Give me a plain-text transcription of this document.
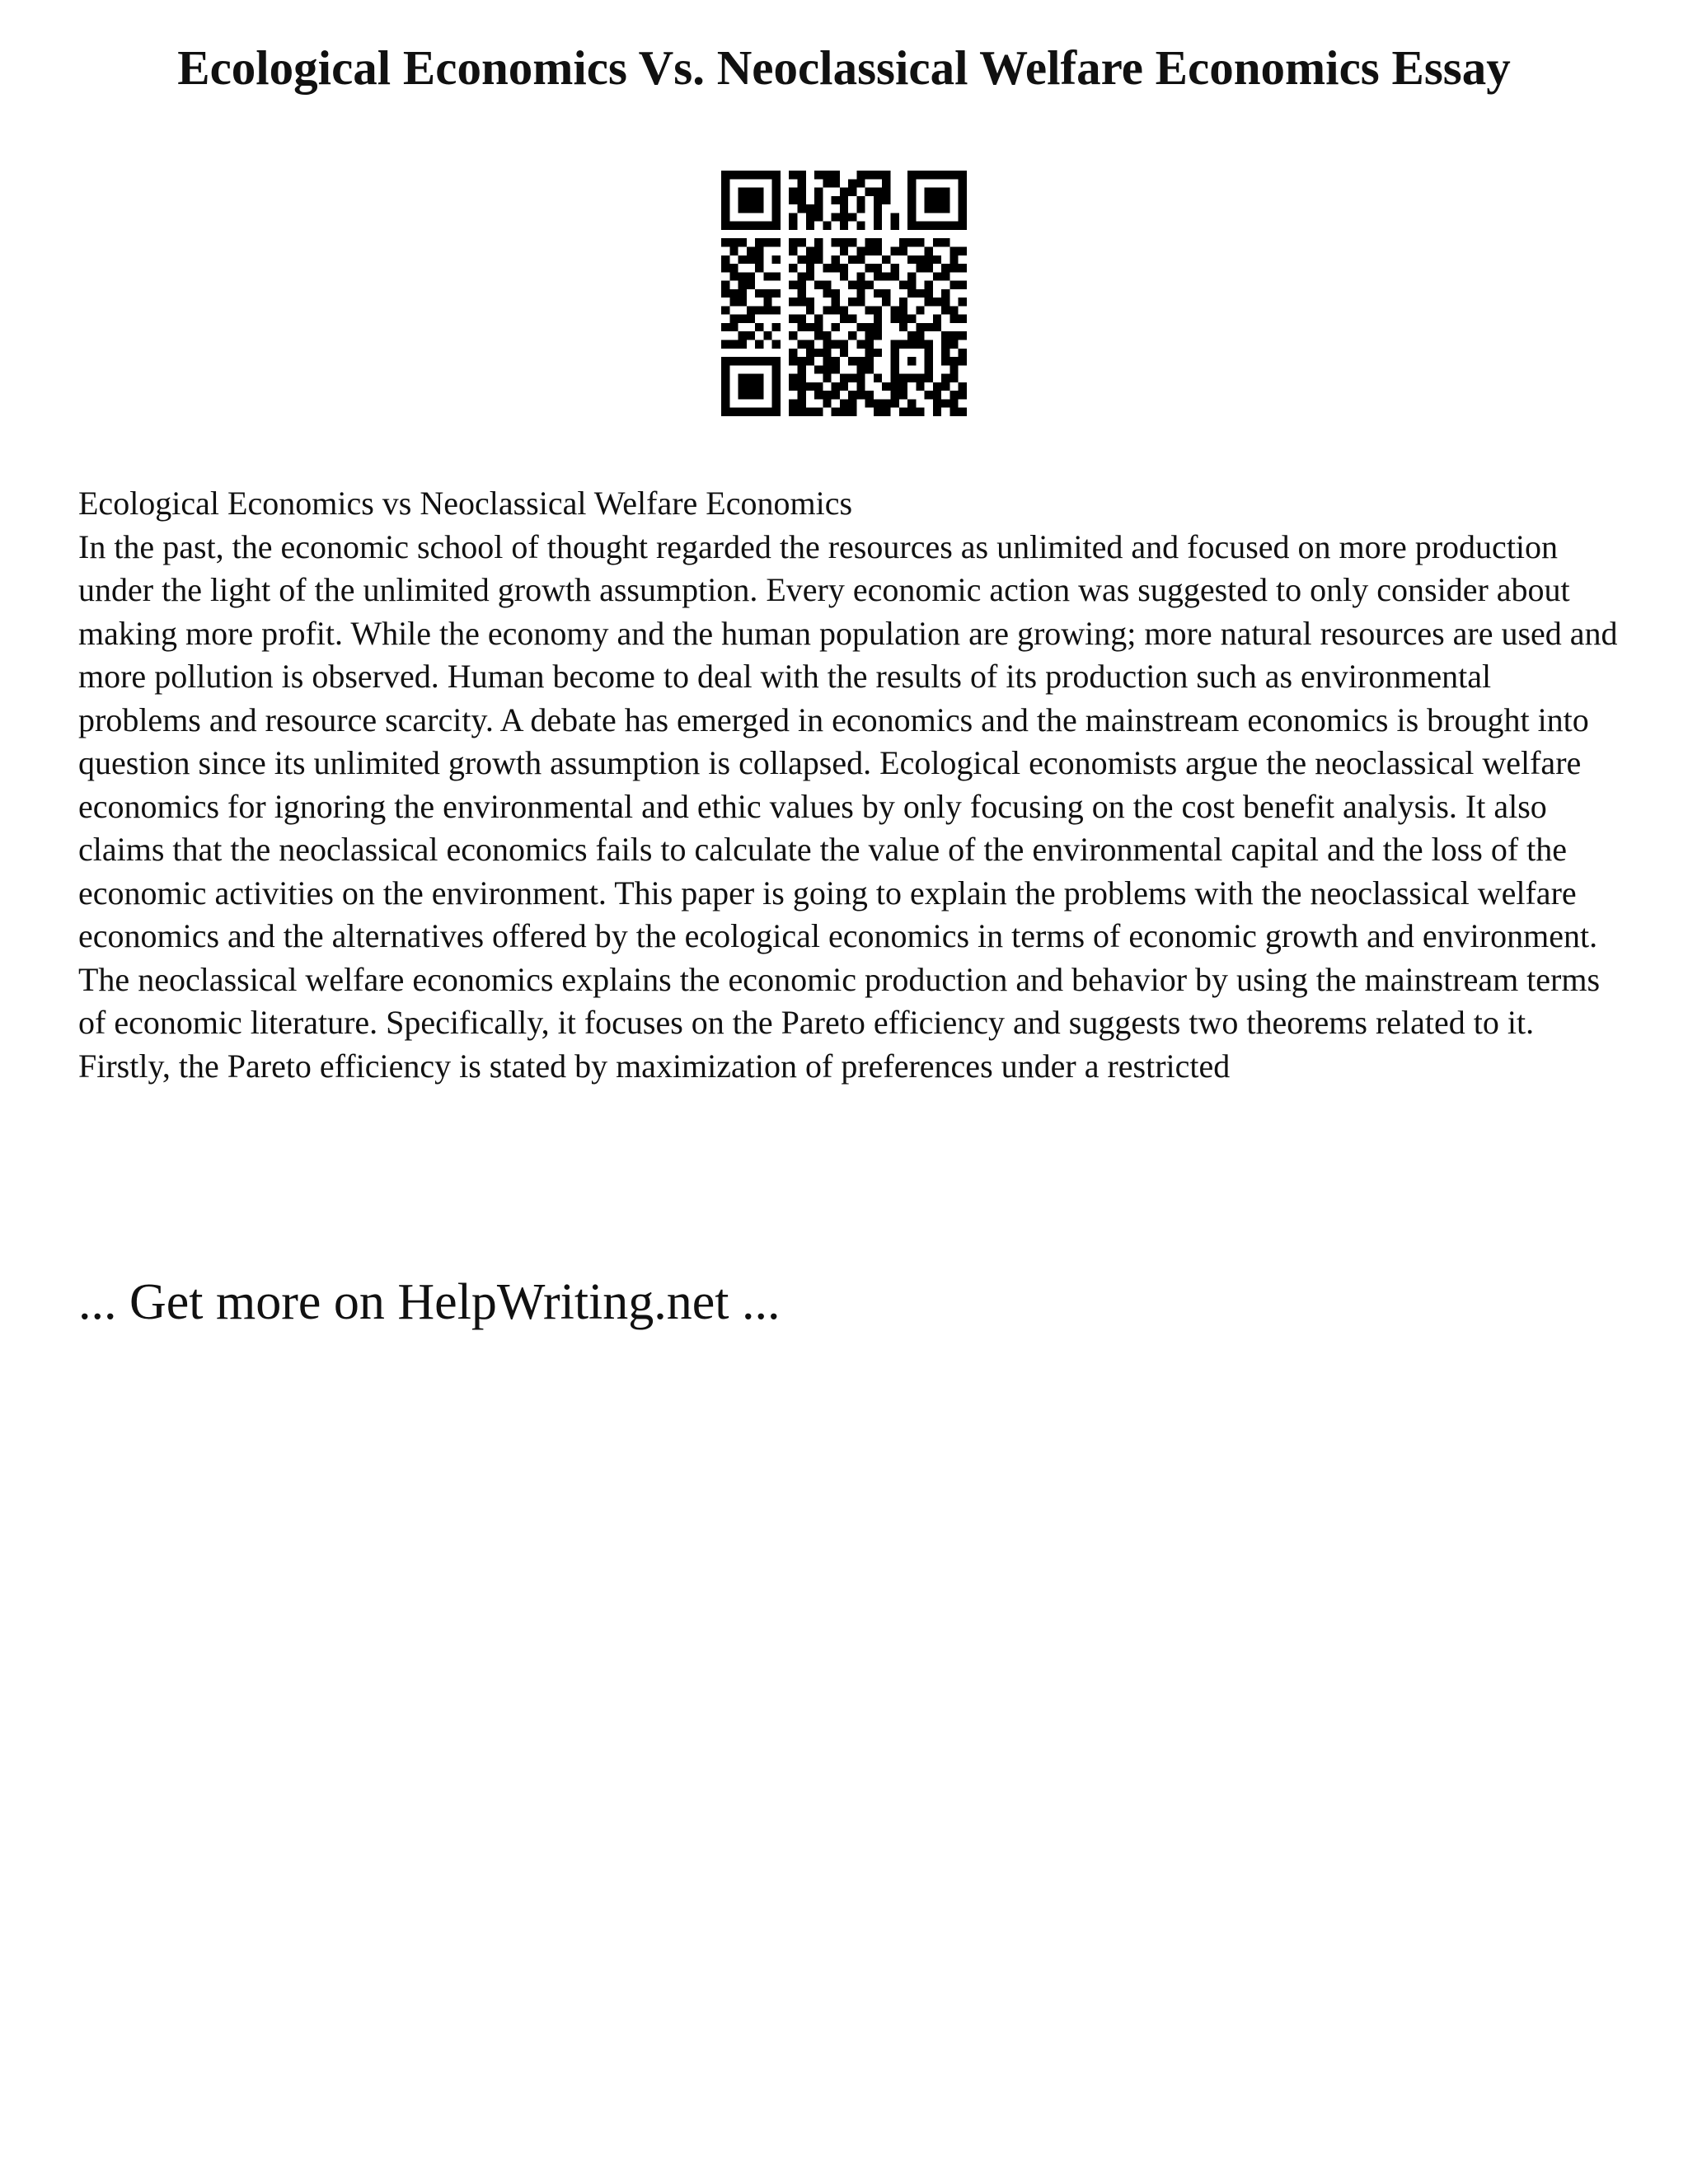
Ecological Economics Vs. Neoclassical Welfare Economics Essay

Ecological Economics vs Neoclassical Welfare Economics

In the past, the economic school of thought regarded the resources as unlimited and focused on more production under the light of the unlimited growth assumption. Every economic action was suggested to only consider about making more profit. While the economy and the human population are growing; more natural resources are used and more pollution is observed. Human become to deal with the results of its production such as environmental problems and resource scarcity. A debate has emerged in economics and the mainstream economics is brought into question since its unlimited growth assumption is collapsed. Ecological economists argue the neoclassical welfare economics for ignoring the environmental and ethic values by only focusing on the cost benefit analysis. It also claims that the neoclassical economics fails to calculate the value of the environmental capital and the loss of the economic activities on the environment. This paper is going to explain the problems with the neoclassical welfare economics and the alternatives offered by the ecological economics in terms of economic growth and environment.

The neoclassical welfare economics explains the economic production and behavior by using the mainstream terms of economic literature. Specifically, it focuses on the Pareto efficiency and suggests two theorems related to it. Firstly, the Pareto efficiency is stated by maximization of preferences under a restricted

... Get more on HelpWriting.net ...
